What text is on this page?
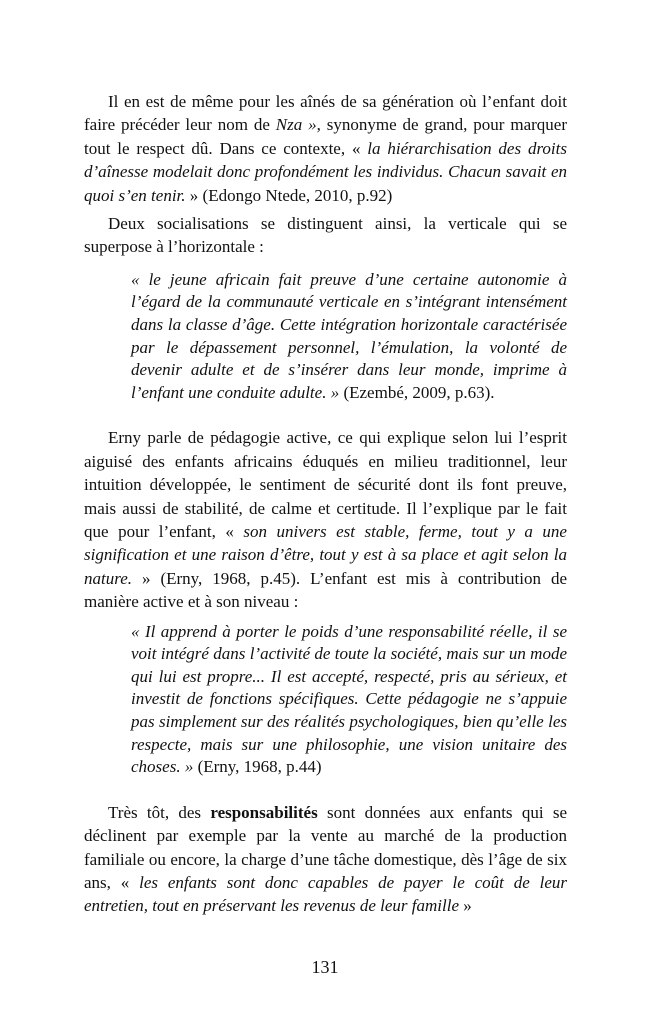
Il en est de même pour les aînés de sa génération où l’enfant doit faire précéder leur nom de Nza », synonyme de grand, pour marquer tout le respect dû. Dans ce contexte, « la hiérarchisation des droits d’aînesse modelait donc profondément les individus. Chacun savait en quoi s’en tenir. » (Edongo Ntede, 2010, p.92)

Deux socialisations se distinguent ainsi, la verticale qui se superpose à l’horizontale :

« le jeune africain fait preuve d’une certaine autonomie à l’égard de la communauté verticale en s’intégrant intensément dans la classe d’âge. Cette intégration horizontale caractérisée par le dépassement personnel, l’émulation, la volonté de devenir adulte et de s’insérer dans leur monde, imprime à l’enfant une conduite adulte. » (Ezembé, 2009, p.63).

Erny parle de pédagogie active, ce qui explique selon lui l’esprit aiguisé des enfants africains éduqués en milieu traditionnel, leur intuition développée, le sentiment de sécurité dont ils font preuve, mais aussi de stabilité, de calme et certitude. Il l’explique par le fait que pour l’enfant, « son univers est stable, ferme, tout y a une signification et une raison d’être, tout y est à sa place et agit selon la nature. » (Erny, 1968, p.45). L’enfant est mis à contribution de manière active et à son niveau :

« Il apprend à porter le poids d’une responsabilité réelle, il se voit intégré dans l’activité de toute la société, mais sur un mode qui lui est propre... Il est accepté, respecté, pris au sérieux, et investit de fonctions spécifiques. Cette pédagogie ne s’appuie pas simplement sur des réalités psychologiques, bien qu’elle les respecte, mais sur une philosophie, une vision unitaire des choses. » (Erny, 1968, p.44)

Très tôt, des responsabilités sont données aux enfants qui se déclinent par exemple par la vente au marché de la production familiale ou encore, la charge d’une tâche domestique, dès l’âge de six ans, « les enfants sont donc capables de payer le coût de leur entretien, tout en préservant les revenus de leur famille »

131
